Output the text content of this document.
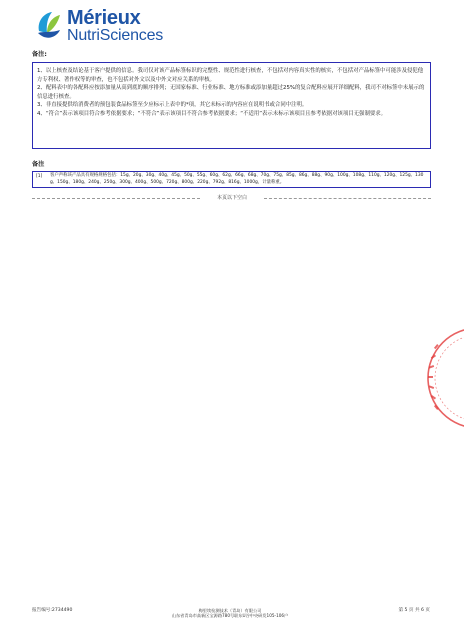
Mérieux
NutriSciences
备注:

1、以上核查及结论基于客户提供的信息。我司仅对该产品标签标识的完整性、规范性进行核查，不包括对内容真实性的核实，不包括对产品标签中可能涉及侵犯他方专利权、著作权等的审查，也不包括对外文以及中外文对应关系的审核。

2、配料表中的各配料应按添加量从高到底的顺序排列；无国家标准、行业标准、地方标准或添加量超过25%的复合配料应展开详细配料，我司不对标签中未展示的信息进行核查。

3、非直接提供给消费者的预包装食品标签至少应标示上表中的*项，其它未标示的内容应在说明书或合同中注明。

4、“符合”表示该项目符合参考依据要求；“不符合”表示该项目不符合参考依据要求；“不适用”表示未标示该项目且参考依据对该项目无强制要求。

备注
[1] 客户声称该产品具有规格规格包括：15g、20g、30g、40g、45g、50g、55g、60g、62g、66g、68g、70g、75g、85g、86g、88g、90g、100g、108g、110g、120g、125g、130g、150g、180g、240g、250g、300g、400g、500g、720g、800g、220g、792g、816g、1000g，计量称重。
本页以下空白
报告编号:2734490	梅里埃检测技术（青岛）有限公司
山东省青岛市高新区宝源路780号联东U谷中央研发105-106户
第 5 页 共 6 页
